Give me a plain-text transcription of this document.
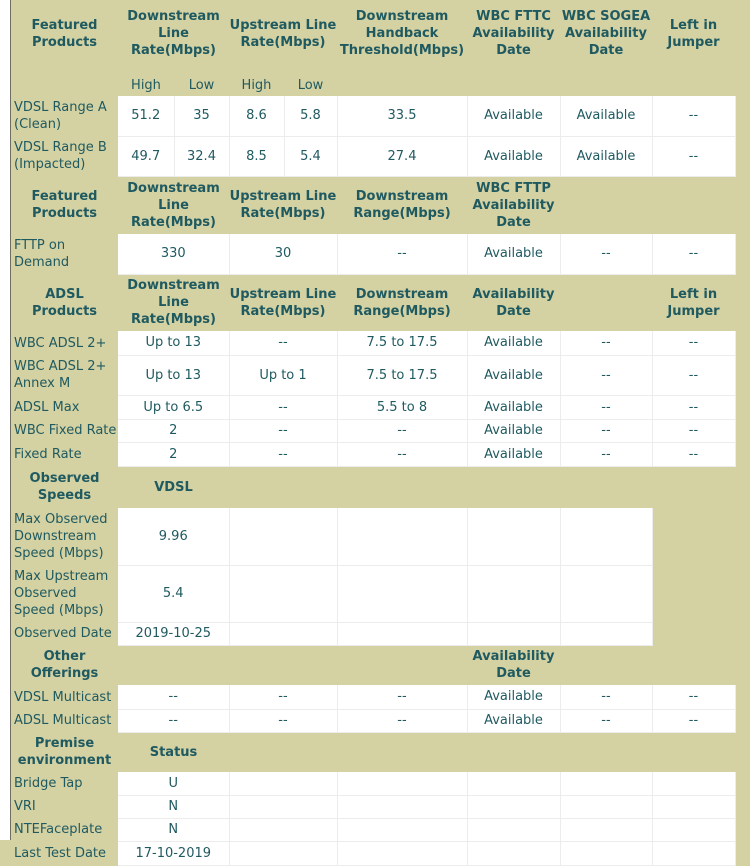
Featured Products	Downstream Line Rate(Mbps)		Upstream Line Rate(Mbps)		Downstream Handback Threshold(Mbps)	WBC FTTC Availability Date	WBC SOGEA Availability Date	Left in Jumper
	High	Low	High	Low				
VDSL Range A (Clean)	51.2	35	8.6	5.8	33.5	Available	Available	--
VDSL Range B (Impacted)	49.7	32.4	8.5	5.4	27.4	Available	Available	--
Featured Products	Downstream Line Rate(Mbps)		Upstream Line Rate(Mbps)		Downstream Range(Mbps)	WBC FTTP Availability Date		
FTTP on Demand	330		30		--	Available	--	--
ADSL Products	Downstream Line Rate(Mbps)		Upstream Line Rate(Mbps)		Downstream Range(Mbps)	Availability Date		Left in Jumper
WBC ADSL 2+	Up to 13		--		7.5 to 17.5	Available	--	--
WBC ADSL 2+ Annex M	Up to 13		Up to 1		7.5 to 17.5	Available	--	--
ADSL Max	Up to 6.5		--		5.5 to 8	Available	--	--
WBC Fixed Rate	2		--		--	Available	--	--
Fixed Rate	2		--		--	Available	--	--
Observed Speeds	VDSL							
Max Observed Downstream Speed (Mbps)	9.96							
Max Upstream Observed Speed (Mbps)	5.4							
Observed Date	2019-10-25							
Other Offerings						Availability Date		
VDSL Multicast	--		--		--	Available	--	--
ADSL Multicast	--		--		--	Available	--	--
Premise environment	Status							
Bridge Tap	U							
VRI	N							
NTEFaceplate	N							
Last Test Date	17-10-2019							
